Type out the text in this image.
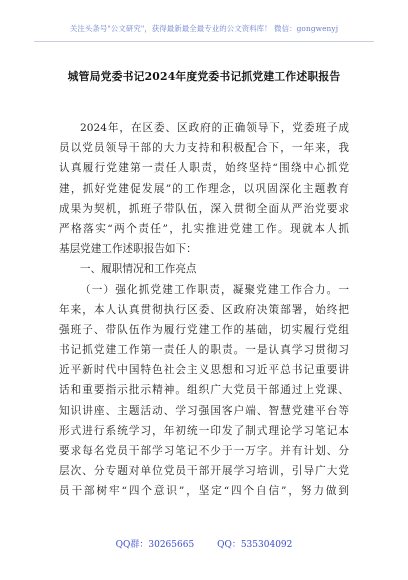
关注头条号"公文研究"，获得最新最全最专业的公文资料库！ 微信：gongwenyj
城管局党委书记2024年度党委书记抓党建工作述职报告
2024年，在区委、区政府的正确领导下，党委班子成
员以党员领导干部的大力支持和积极配合下，一年来，我
认真履行党建第一责任人职责，始终坚持“围绕中心抓党
建，抓好党建促发展”的工作理念，以巩固深化主题教育
成果为契机，抓班子带队伍，深入贯彻全面从严治党要求
严格落实“两个责任”，扎实推进党建工作。现就本人抓
基层党建工作述职报告如下：
一、履职情况和工作亮点
（一）强化抓党建工作职责，凝聚党建工作合力。一
年来，本人认真贯彻执行区委、区政府决策部署，始终把
强班子、带队伍作为履行党建工作的基础，切实履行党组
书记抓党建工作第一责任人的职责。一是认真学习贯彻习
近平新时代中国特色社会主义思想和习近平总书记重要讲
话和重要指示批示精神。组织广大党员干部通过上党课、
知识讲座、主题活动、学习强国客户端、智慧党建平台等
形式进行系统学习，年初统一印发了制式理论学习笔记本
要求每名党员干部学习笔记不少于一万字。并有计划、分
层次、分专题对单位党员干部开展学习培训，引导广大党
员干部树牢“四个意识”，坚定“四个自信”，努力做到
QQ群：30265665	QQ：535304092
